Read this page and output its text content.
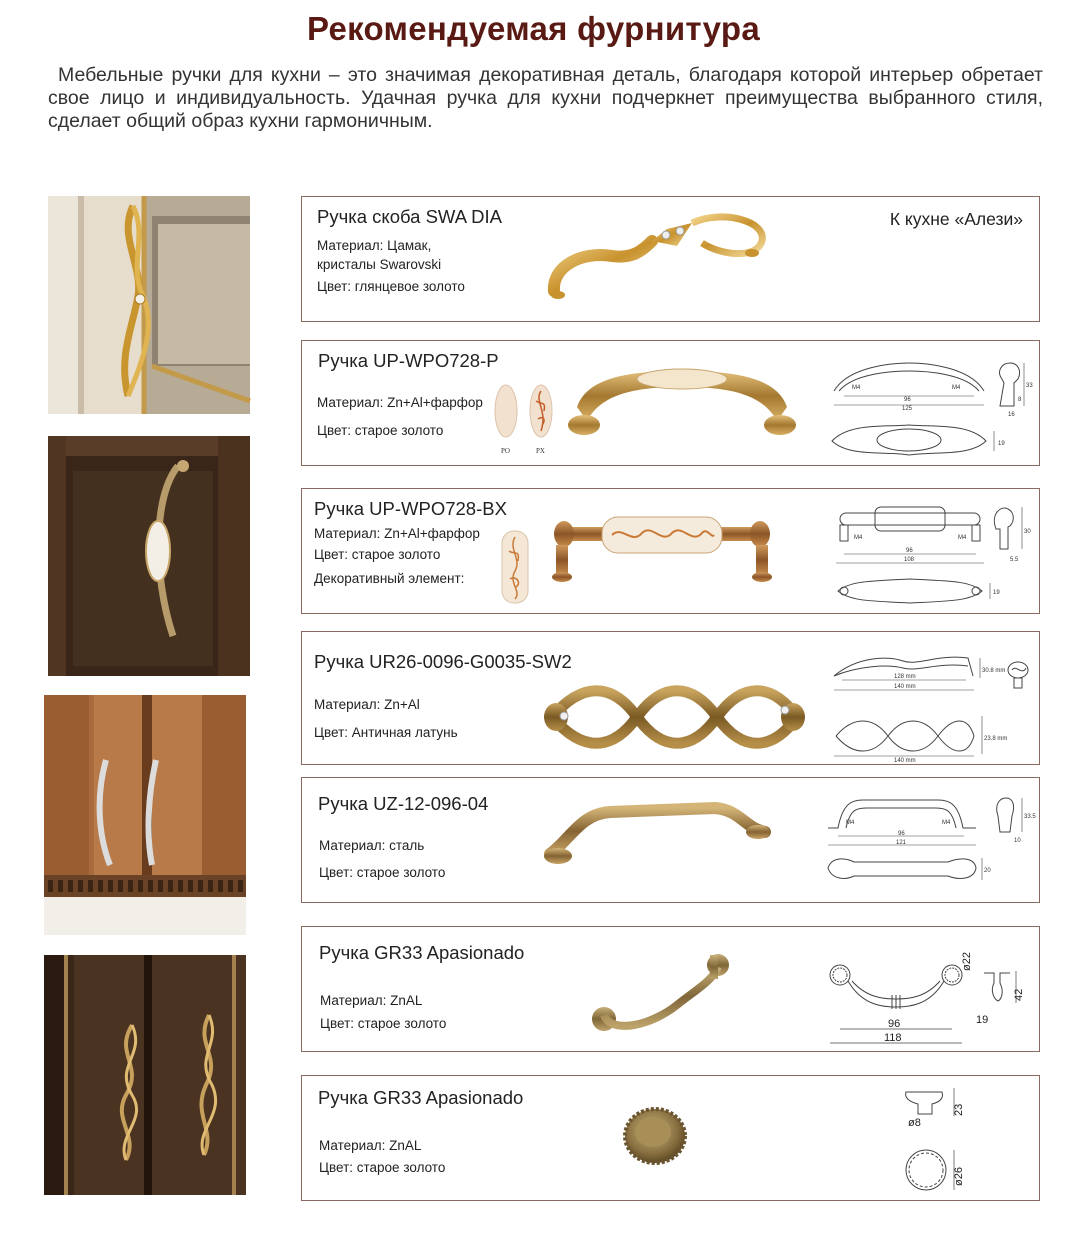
Рекомендуемая фурнитура
Мебельные ручки для кухни – это значимая декоративная деталь, благодаря которой интерьер обретает свое лицо и индивидуальность. Удачная ручка для кухни подчеркнет преимущества выбранного стиля, сделает общий образ кухни гармоничным.
Ручка скоба SWA DIA	К кухне «Алези»
Материал: Цамак,
кристалы Swarovski
Цвет: глянцевое золото
Ручка UP-WPO728-P
Материал: Zn+Al+фарфор
Цвет: старое золото
PO	PX
M4	M4
96
125
19
33
16
8
Ручка UP-WPO728-BX
Материал: Zn+Al+фарфор
Цвет: старое золото
Декоративный элемент:
M4	M4
96
108
19
30
5.5
Ручка UR26-0096-G0035-SW2
Материал: Zn+Al
Цвет: Античная латунь
128 mm
140 mm
30.8 mm
140 mm
23.8 mm
Ручка UZ-12-096-04
Материал: сталь
Цвет: старое золото
M4	M4
96
121
20
33.5
10
Ручка GR33 Apasionado
Материал: ZnAL
Цвет: старое золото	96
118
ø22
42
19
Ручка GR33 Apasionado
Материал: ZnAL
Цвет: старое золото
23
ø8
ø26
